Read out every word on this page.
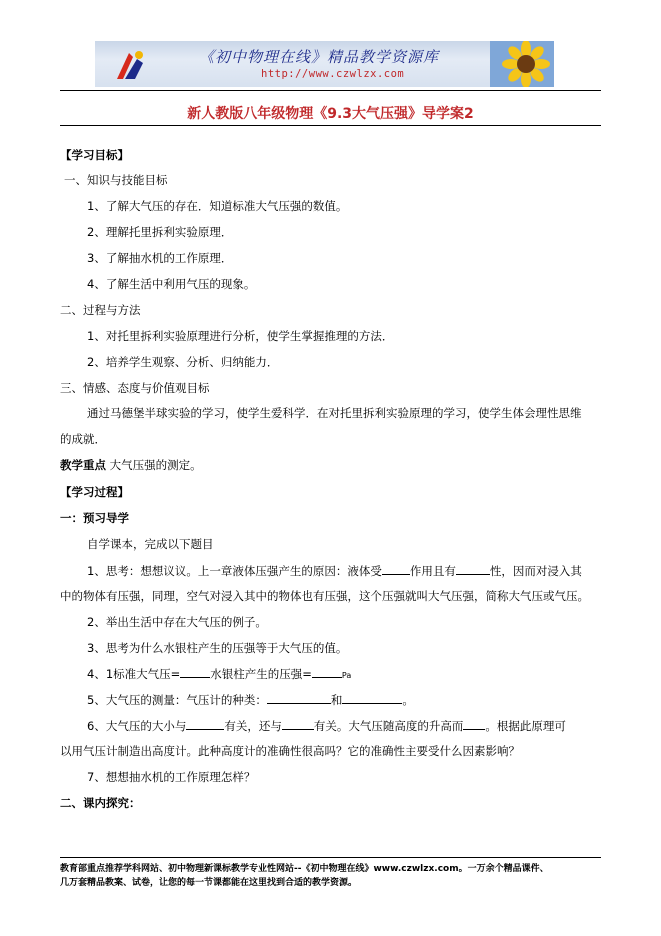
《初中物理在线》精品教学资源库
http://www.czwlzx.com
新人教版八年级物理《9.3大气压强》导学案2
【学习目标】
一、知识与技能目标
1、了解大气压的存在．知道标准大气压强的数值。
2、理解托里拆利实验原理．
3、了解抽水机的工作原理．
4、了解生活中利用气压的现象。
二、过程与方法
1、对托里拆利实验原理进行分析，使学生掌握推理的方法．
2、培养学生观察、分析、归纳能力．
三、情感、态度与价值观目标
通过马德堡半球实验的学习，使学生爱科学．在对托里拆利实验原理的学习，使学生体会理性思维
的成就．
教学重点 大气压强的测定。
【学习过程】
一：预习导学
自学课本，完成以下题目
1、思考：想想议议。上一章液体压强产生的原因：液体受 作用且有	性，因而对浸入其
中的物体有压强，同理，空气对浸入其中的物体也有压强，这个压强就叫大气压强，简称大气压或气压。
2、举出生活中存在大气压的例子。
3、思考为什么水银柱产生的压强等于大气压的值。
4、1标准大气压=	水银柱产生的压强=	Pa
5、大气压的测量：气压计的种类：	和	。
6、大气压的大小与	有关，还与	有关。大气压随高度的升高而 。根据此原理可
以用气压计制造出高度计。此种高度计的准确性很高吗？它的准确性主要受什么因素影响？
7、想想抽水机的工作原理怎样？
二、课内探究：
教育部重点推荐学科网站、初中物理新课标教学专业性网站--《初中物理在线》www.czwlzx.com。一万余个精品课件、
几万套精品教案、试卷，让您的每一节课都能在这里找到合适的教学资源。
